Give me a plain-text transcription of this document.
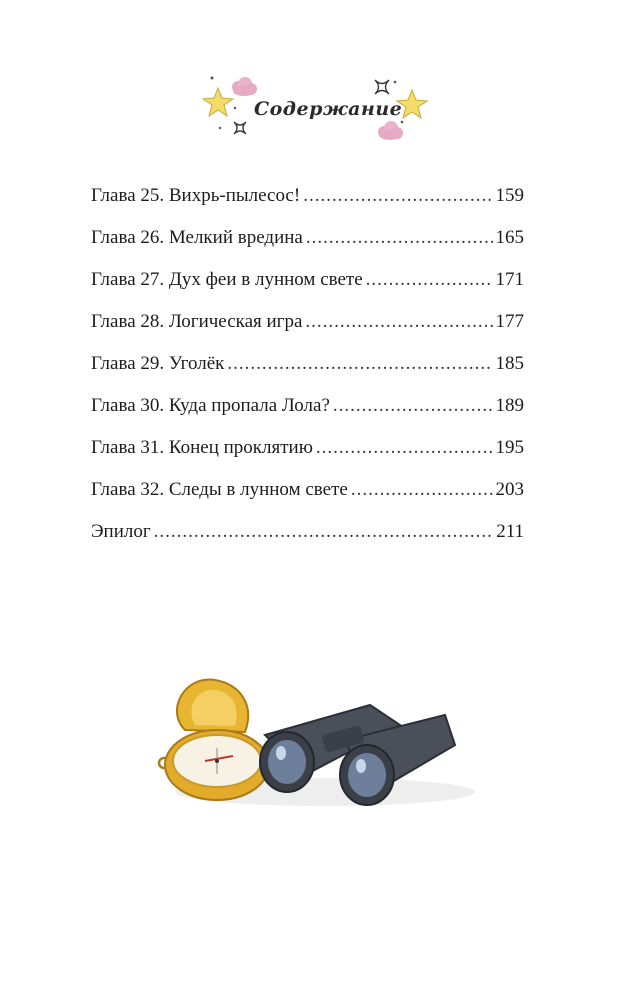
Содержание
Глава 25. Вихрь-пылесос! .....	159
Глава 26. Мелкий вредина .....	165
Глава 27. Дух феи в лунном свете .....	171
Глава 28. Логическая игра .....	177
Глава 29. Уголёк .....	185
Глава 30. Куда пропала Лола? .....	189
Глава 31. Конец проклятию .....	195
Глава 32. Следы в лунном свете .....	203
Эпилог .....	211
